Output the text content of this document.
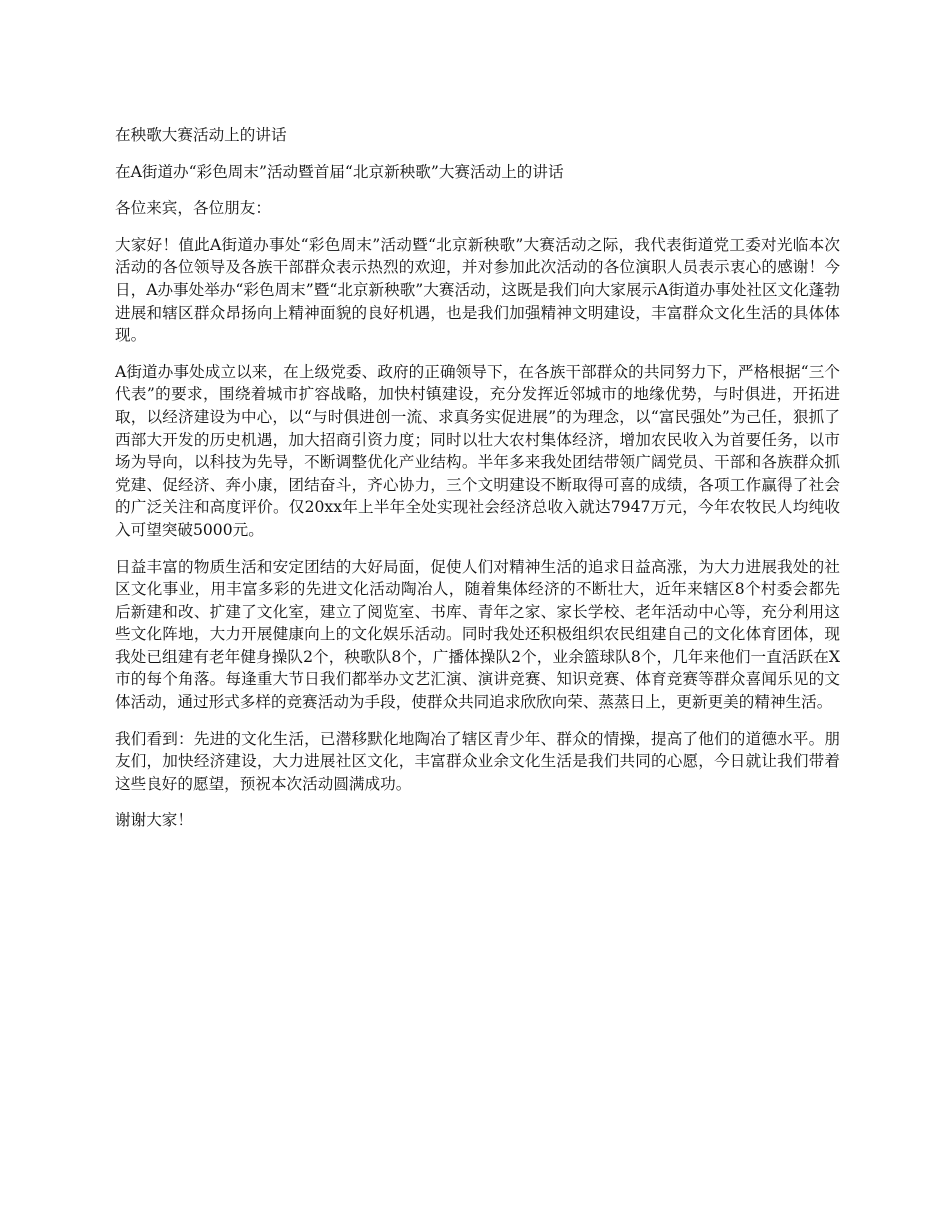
在秧歌大赛活动上的讲话

在A街道办“彩色周末”活动暨首届“北京新秧歌”大赛活动上的讲话

各位来宾，各位朋友：

大家好！值此A街道办事处“彩色周末”活动暨“北京新秧歌”大赛活动之际，我代表街道党工委对光临本次活动的各位领导及各族干部群众表示热烈的欢迎，并对参加此次活动的各位演职人员表示衷心的感谢！今日，A办事处举办“彩色周末”暨“北京新秧歌”大赛活动，这既是我们向大家展示A街道办事处社区文化蓬勃进展和辖区群众昂扬向上精神面貌的良好机遇，也是我们加强精神文明建设，丰富群众文化生活的具体体现。

A街道办事处成立以来，在上级党委、政府的正确领导下，在各族干部群众的共同努力下，严格根据“三个代表”的要求，围绕着城市扩容战略，加快村镇建设，充分发挥近邻城市的地缘优势，与时俱进，开拓进取，以经济建设为中心，以“与时俱进创一流、求真务实促进展”的为理念，以“富民强处”为己任，狠抓了西部大开发的历史机遇，加大招商引资力度；同时以壮大农村集体经济，增加农民收入为首要任务，以市场为导向，以科技为先导，不断调整优化产业结构。半年多来我处团结带领广阔党员、干部和各族群众抓党建、促经济、奔小康，团结奋斗，齐心协力，三个文明建设不断取得可喜的成绩，各项工作赢得了社会的广泛关注和高度评价。仅20xx年上半年全处实现社会经济总收入就达7947万元，今年农牧民人均纯收入可望突破5000元。

日益丰富的物质生活和安定团结的大好局面，促使人们对精神生活的追求日益高涨，为大力进展我处的社区文化事业，用丰富多彩的先进文化活动陶冶人，随着集体经济的不断壮大，近年来辖区8个村委会都先后新建和改、扩建了文化室，建立了阅览室、书库、青年之家、家长学校、老年活动中心等，充分利用这些文化阵地，大力开展健康向上的文化娱乐活动。同时我处还积极组织农民组建自己的文化体育团体，现我处已组建有老年健身操队2个，秧歌队8个，广播体操队2个，业余篮球队8个，几年来他们一直活跃在X市的每个角落。每逢重大节日我们都举办文艺汇演、演讲竞赛、知识竞赛、体育竞赛等群众喜闻乐见的文体活动，通过形式多样的竞赛活动为手段，使群众共同追求欣欣向荣、蒸蒸日上，更新更美的精神生活。

我们看到：先进的文化生活，已潜移默化地陶冶了辖区青少年、群众的情操，提高了他们的道德水平。朋友们，加快经济建设，大力进展社区文化，丰富群众业余文化生活是我们共同的心愿，今日就让我们带着这些良好的愿望，预祝本次活动圆满成功。

谢谢大家！
